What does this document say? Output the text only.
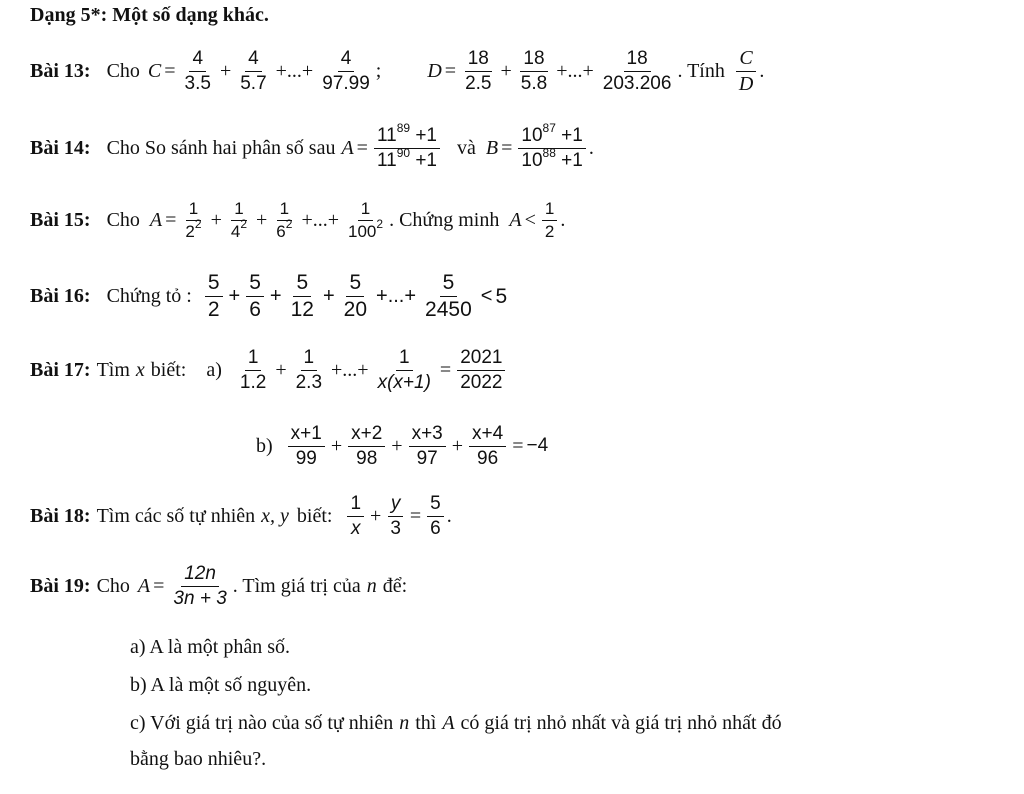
Dạng 5*: Một số dạng khác.
Bài 13: Cho $C = \frac{4}{3.5} + \frac{4}{5.7}$ +...+ $\frac{4}{97.99}$ ; $D = \frac{18}{2.5} + \frac{18}{5.8}$ +...+ $\frac{18}{203.206}$ . Tính $\frac{C}{D}$ .
Bài 14: Cho So sánh hai phân số sau $A = \frac{11^{89} +1}{11^{90} +1}$ và $B = \frac{10^{87} +1}{10^{88} +1}$ .
Bài 15: Cho $A = \frac{1}{2^2} + \frac{1}{4^2} + \frac{1}{6^2}$ +...+ $\frac{1}{100^2}$ . Chứng minh $A < \frac{1}{2}$ .
Bài 16: Chứng tỏ : $\frac{5}{2} + \frac{5}{6} + \frac{5}{12} + \frac{5}{20}$ +...+ $\frac{5}{2450} < 5$
Bài 17: Tìm x biết: $a) \frac{1}{1.2} + \frac{1}{2.3}$ +...+ $\frac{1}{x(x+1)} = \frac{2021}{2022}$
$b) \frac{x+1}{99} + \frac{x+2}{98} + \frac{x+3}{97} + \frac{x+4}{96} = -4$
Bài 18: Tìm các số tự nhiên x, y biết: $\frac{1}{x} + \frac{y}{3} = \frac{5}{6}$ .
Bài 19: Cho $A = \frac{12n}{3n + 3}$ . Tìm giá trị của n để:
a) A là một phân số.
b) A là một số nguyên.
c) Với giá trị nào của số tự nhiên n thì A có giá trị nhỏ nhất và giá trị nhỏ nhất đó
bằng bao nhiêu?.
